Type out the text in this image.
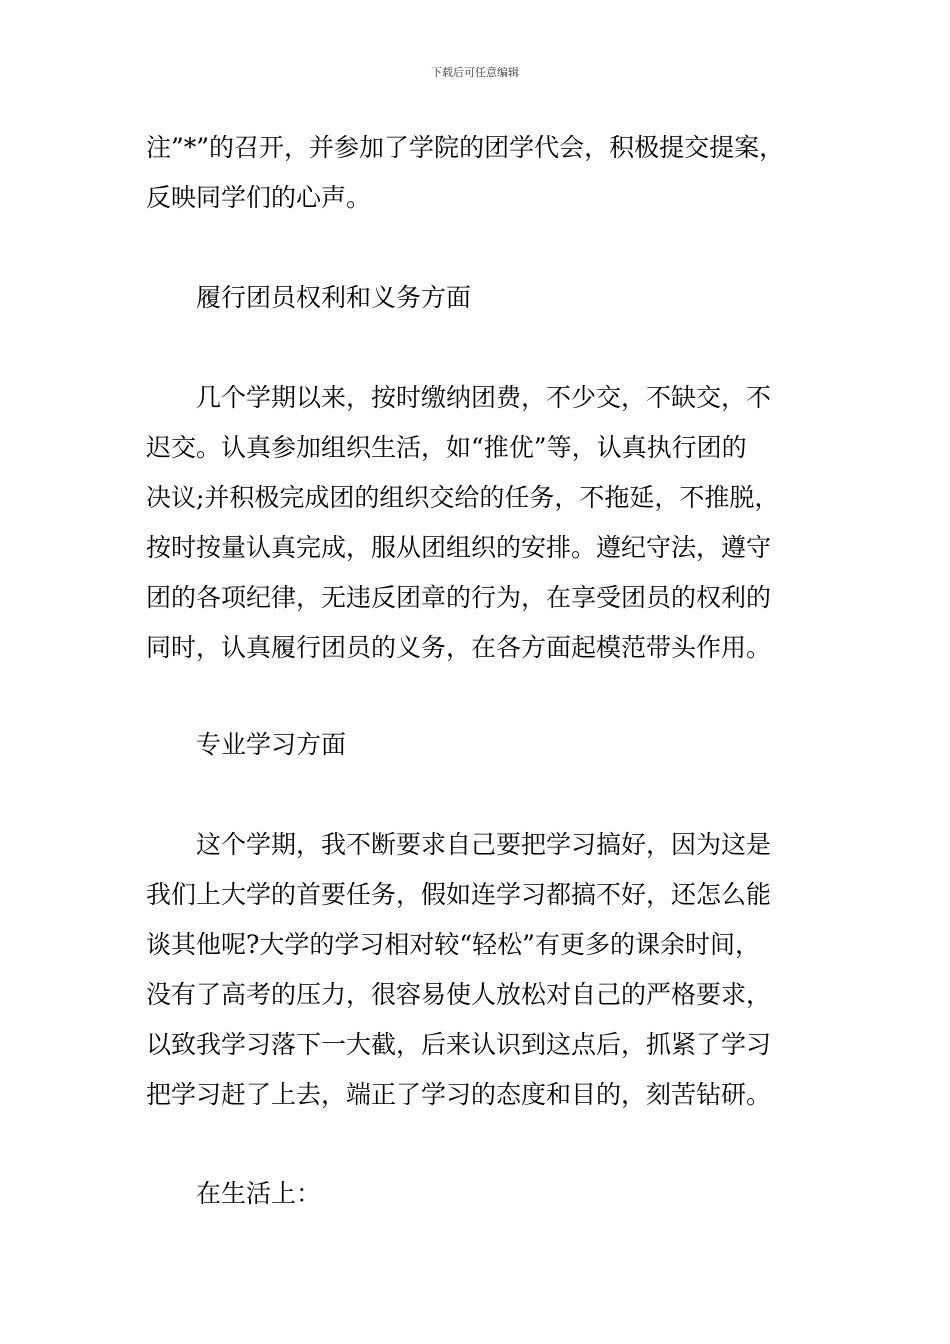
下载后可任意编辑
注”*”的召开，并参加了学院的团学代会，积极提交提案，
反映同学们的心声。
履行团员权利和义务方面
几个学期以来，按时缴纳团费，不少交，不缺交，不
迟交。认真参加组织生活，如“推优”等，认真执行团的
决议;并积极完成团的组织交给的任务，不拖延，不推脱，
按时按量认真完成，服从团组织的安排。遵纪守法，遵守
团的各项纪律，无违反团章的行为，在享受团员的权利的
同时，认真履行团员的义务，在各方面起模范带头作用。
专业学习方面
这个学期，我不断要求自己要把学习搞好，因为这是
我们上大学的首要任务，假如连学习都搞不好，还怎么能
谈其他呢?大学的学习相对较“轻松”有更多的课余时间，
没有了高考的压力，很容易使人放松对自己的严格要求，
以致我学习落下一大截，后来认识到这点后，抓紧了学习
把学习赶了上去，端正了学习的态度和目的，刻苦钻研。
在生活上：
